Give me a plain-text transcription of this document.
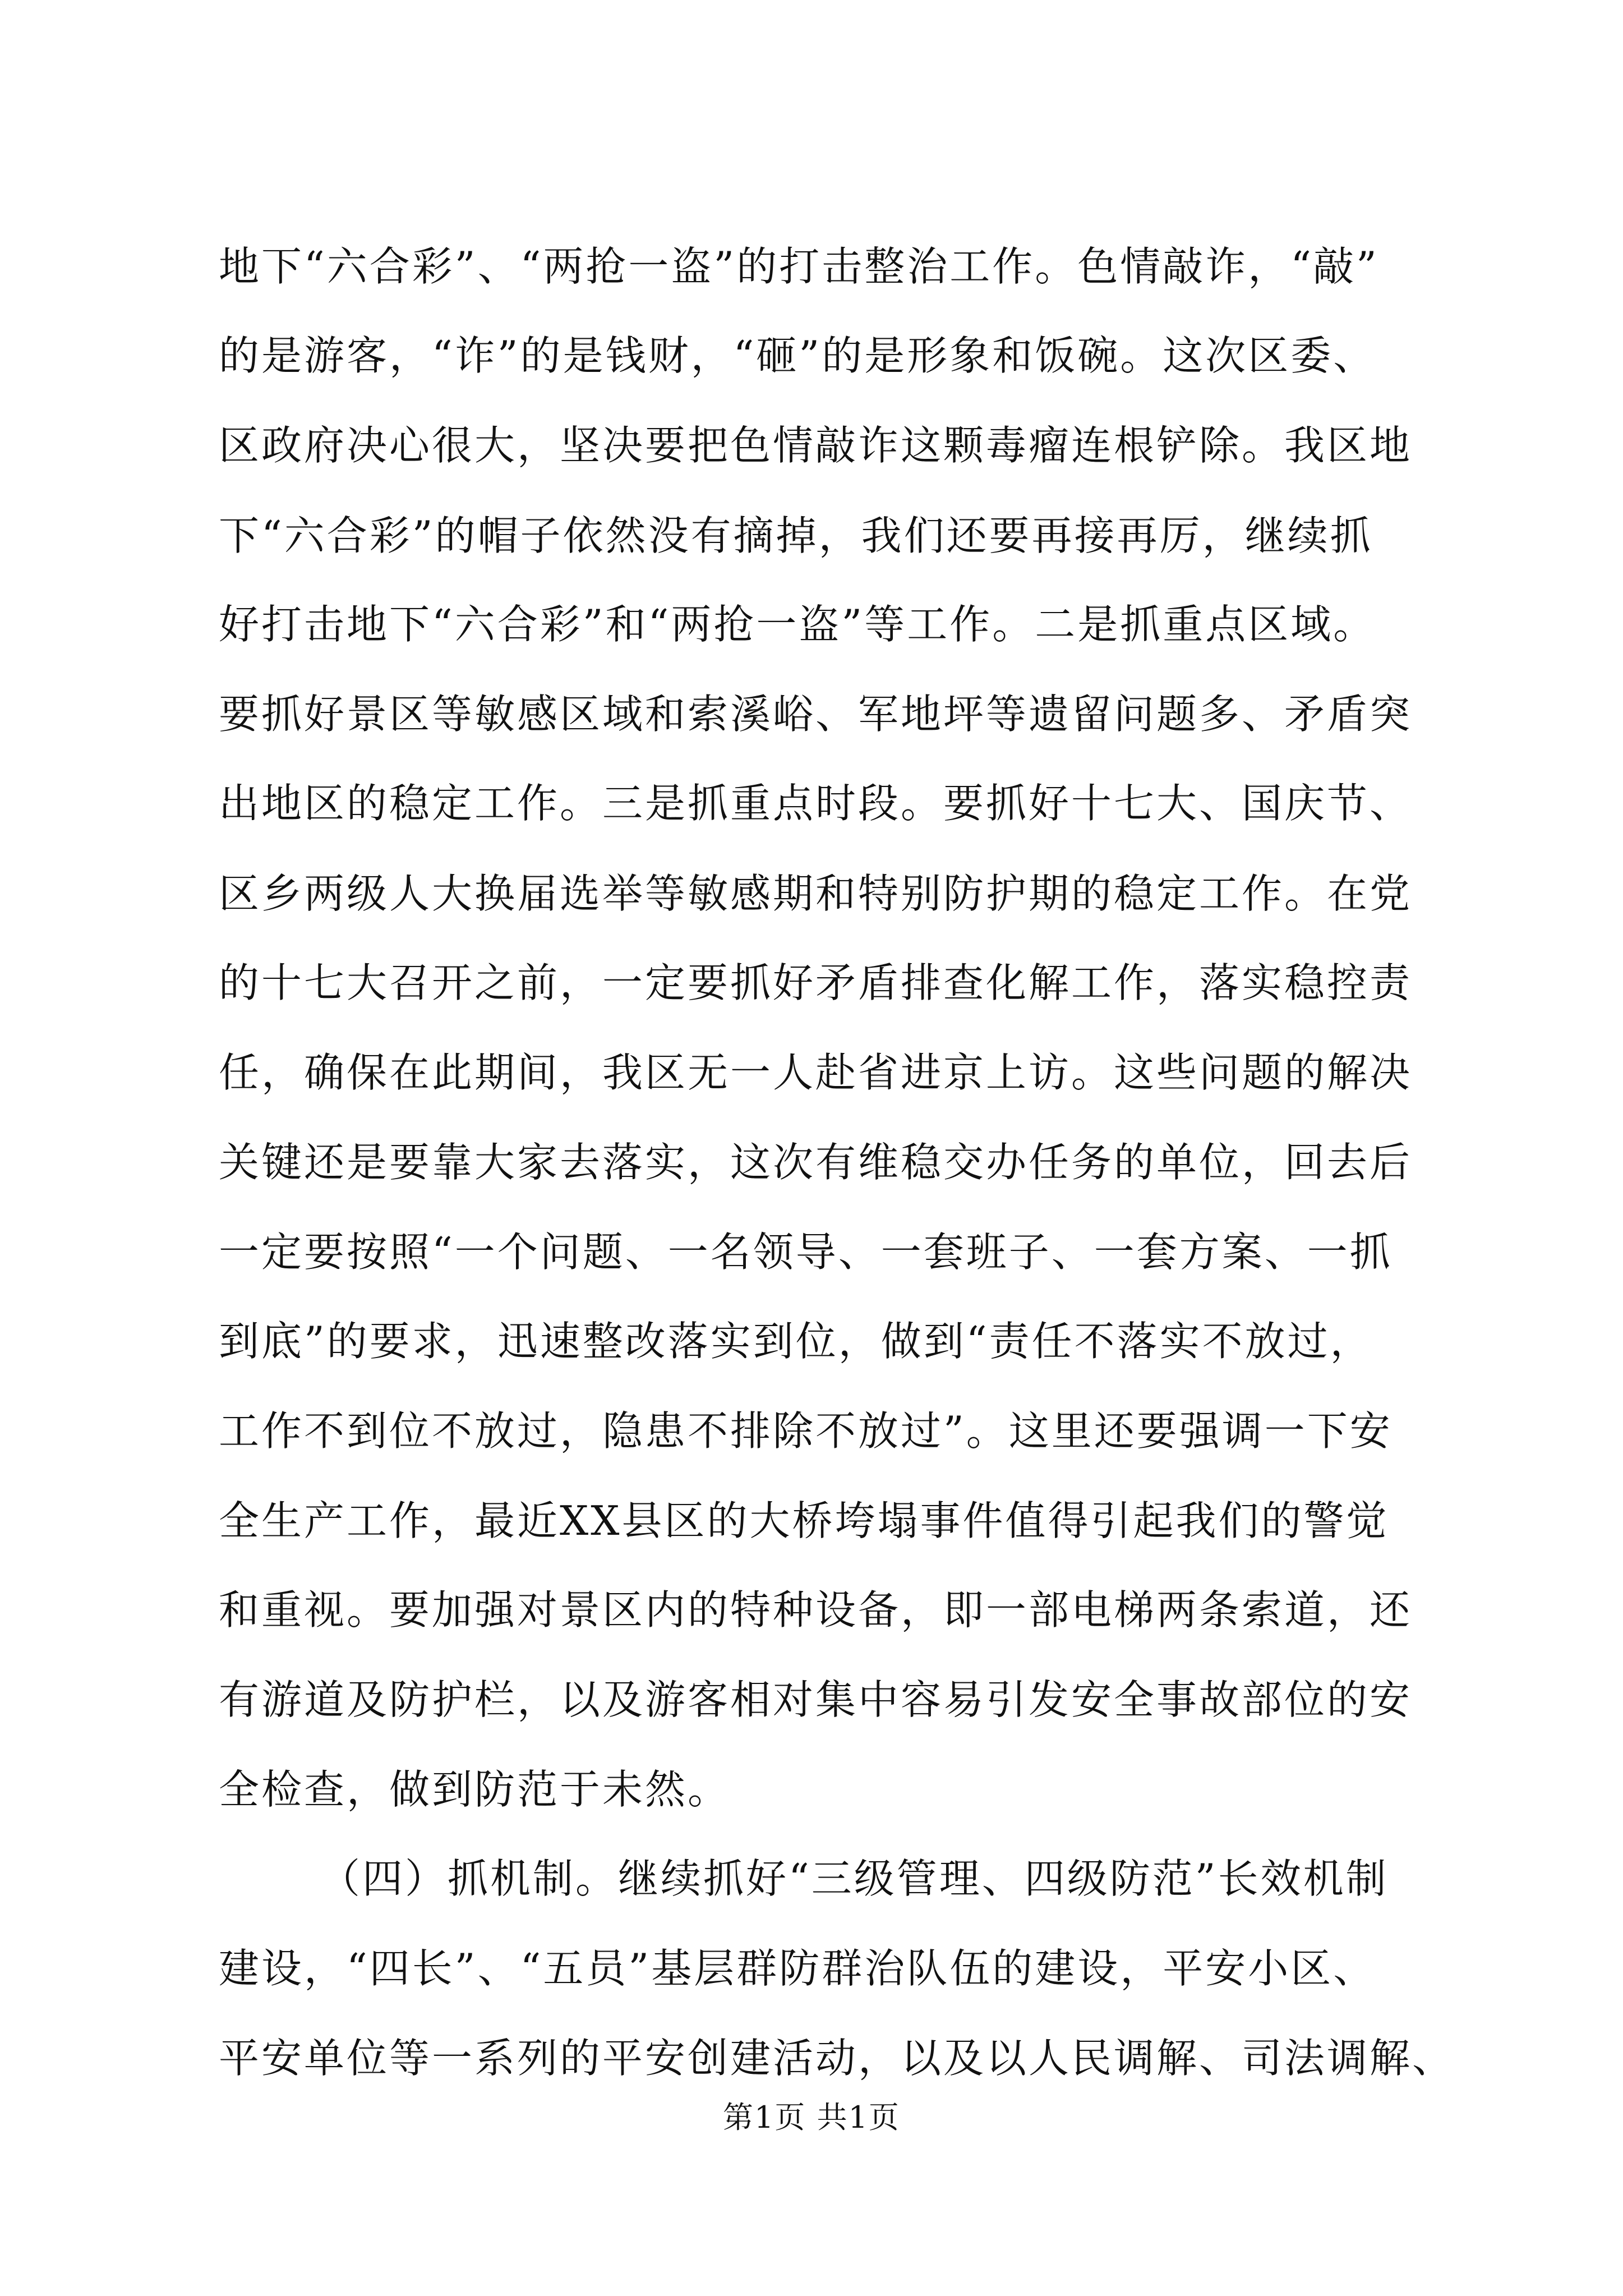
地下“六合彩”、“两抢一盗”的打击整治工作。色情敲诈，“敲”
的是游客，“诈”的是钱财，“砸”的是形象和饭碗。这次区委、
区政府决心很大，坚决要把色情敲诈这颗毒瘤连根铲除。我区地
下“六合彩”的帽子依然没有摘掉，我们还要再接再厉，继续抓
好打击地下“六合彩”和“两抢一盗”等工作。二是抓重点区域。
要抓好景区等敏感区域和索溪峪、军地坪等遗留问题多、矛盾突
出地区的稳定工作。三是抓重点时段。要抓好十七大、国庆节、
区乡两级人大换届选举等敏感期和特别防护期的稳定工作。在党
的十七大召开之前，一定要抓好矛盾排查化解工作，落实稳控责
任，确保在此期间，我区无一人赴省进京上访。这些问题的解决
关键还是要靠大家去落实，这次有维稳交办任务的单位，回去后
一定要按照“一个问题、一名领导、一套班子、一套方案、一抓
到底”的要求，迅速整改落实到位，做到“责任不落实不放过，
工作不到位不放过，隐患不排除不放过”。这里还要强调一下安
全生产工作，最近XX县区的大桥垮塌事件值得引起我们的警觉
和重视。要加强对景区内的特种设备，即一部电梯两条索道，还
有游道及防护栏，以及游客相对集中容易引发安全事故部位的安
全检查，做到防范于未然。
（四）抓机制。继续抓好“三级管理、四级防范”长效机制
建设，“四长”、“五员”基层群防群治队伍的建设，平安小区、
平安单位等一系列的平安创建活动，以及以人民调解、司法调解、
第1页 共1页
